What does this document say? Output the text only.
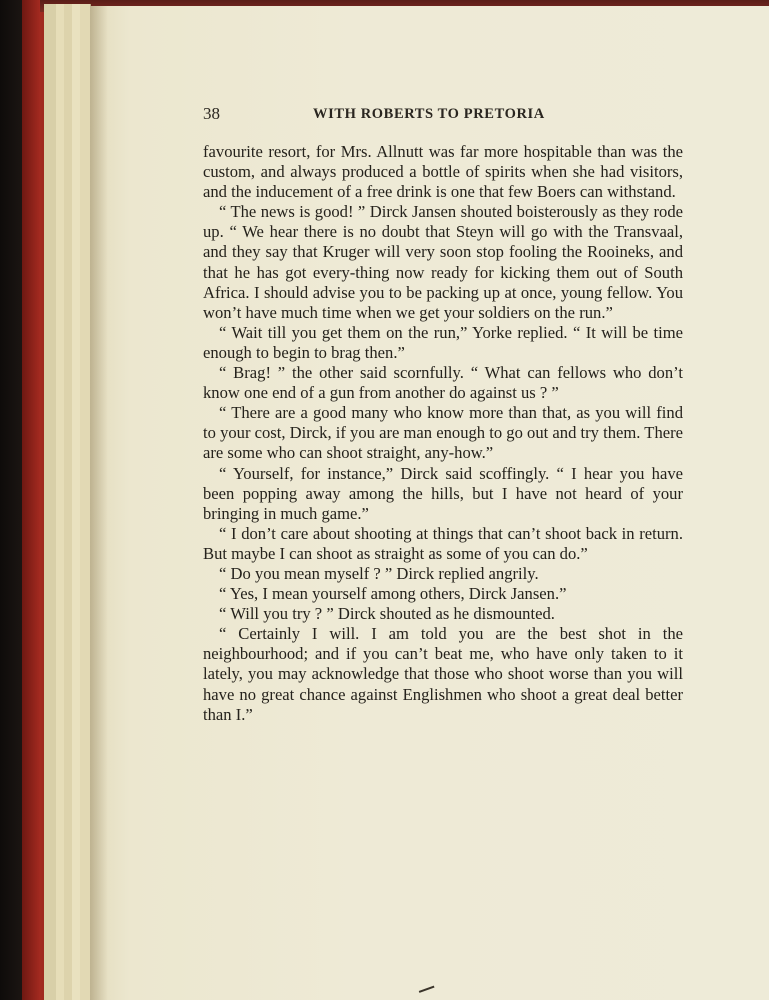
38	WITH ROBERTS TO PRETORIA

favourite resort, for Mrs. Allnutt was far more hospitable than was the custom, and always produced a bottle of spirits when she had visitors, and the inducement of a free drink is one that few Boers can withstand.

“ The news is good! ” Dirck Jansen shouted boisterously as they rode up. “ We hear there is no doubt that Steyn will go with the Transvaal, and they say that Kruger will very soon stop fooling the Rooineks, and that he has got every-thing now ready for kicking them out of South Africa. I should advise you to be packing up at once, young fellow. You won’t have much time when we get your soldiers on the run.”

“ Wait till you get them on the run,” Yorke replied. “ It will be time enough to begin to brag then.”

“ Brag! ” the other said scornfully. “ What can fellows who don’t know one end of a gun from another do against us ? ”

“ There are a good many who know more than that, as you will find to your cost, Dirck, if you are man enough to go out and try them. There are some who can shoot straight, any-how.”

“ Yourself, for instance,” Dirck said scoffingly. “ I hear you have been popping away among the hills, but I have not heard of your bringing in much game.”

“ I don’t care about shooting at things that can’t shoot back in return. But maybe I can shoot as straight as some of you can do.”

“ Do you mean myself ? ” Dirck replied angrily.

“ Yes, I mean yourself among others, Dirck Jansen.”

“ Will you try ? ” Dirck shouted as he dismounted.

“ Certainly I will. I am told you are the best shot in the neighbourhood; and if you can’t beat me, who have only taken to it lately, you may acknowledge that those who shoot worse than you will have no great chance against Englishmen who shoot a great deal better than I.”
